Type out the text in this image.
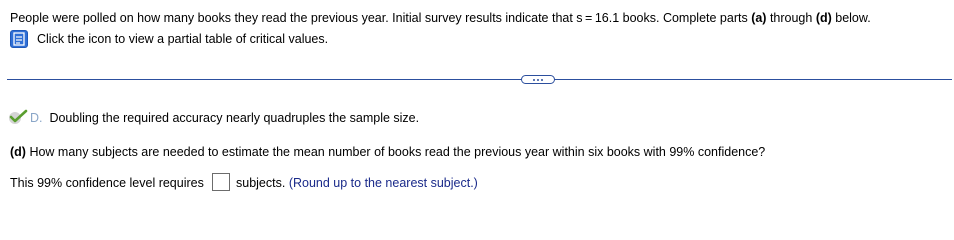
People were polled on how many books they read the previous year. Initial survey results indicate that s = 16.1 books. Complete parts (a) through (d) below.
Click the icon to view a partial table of critical values.
D. Doubling the required accuracy nearly quadruples the sample size.
(d) How many subjects are needed to estimate the mean number of books read the previous year within six books with 99% confidence?
This 99% confidence level requires	subjects. (Round up to the nearest subject.)
